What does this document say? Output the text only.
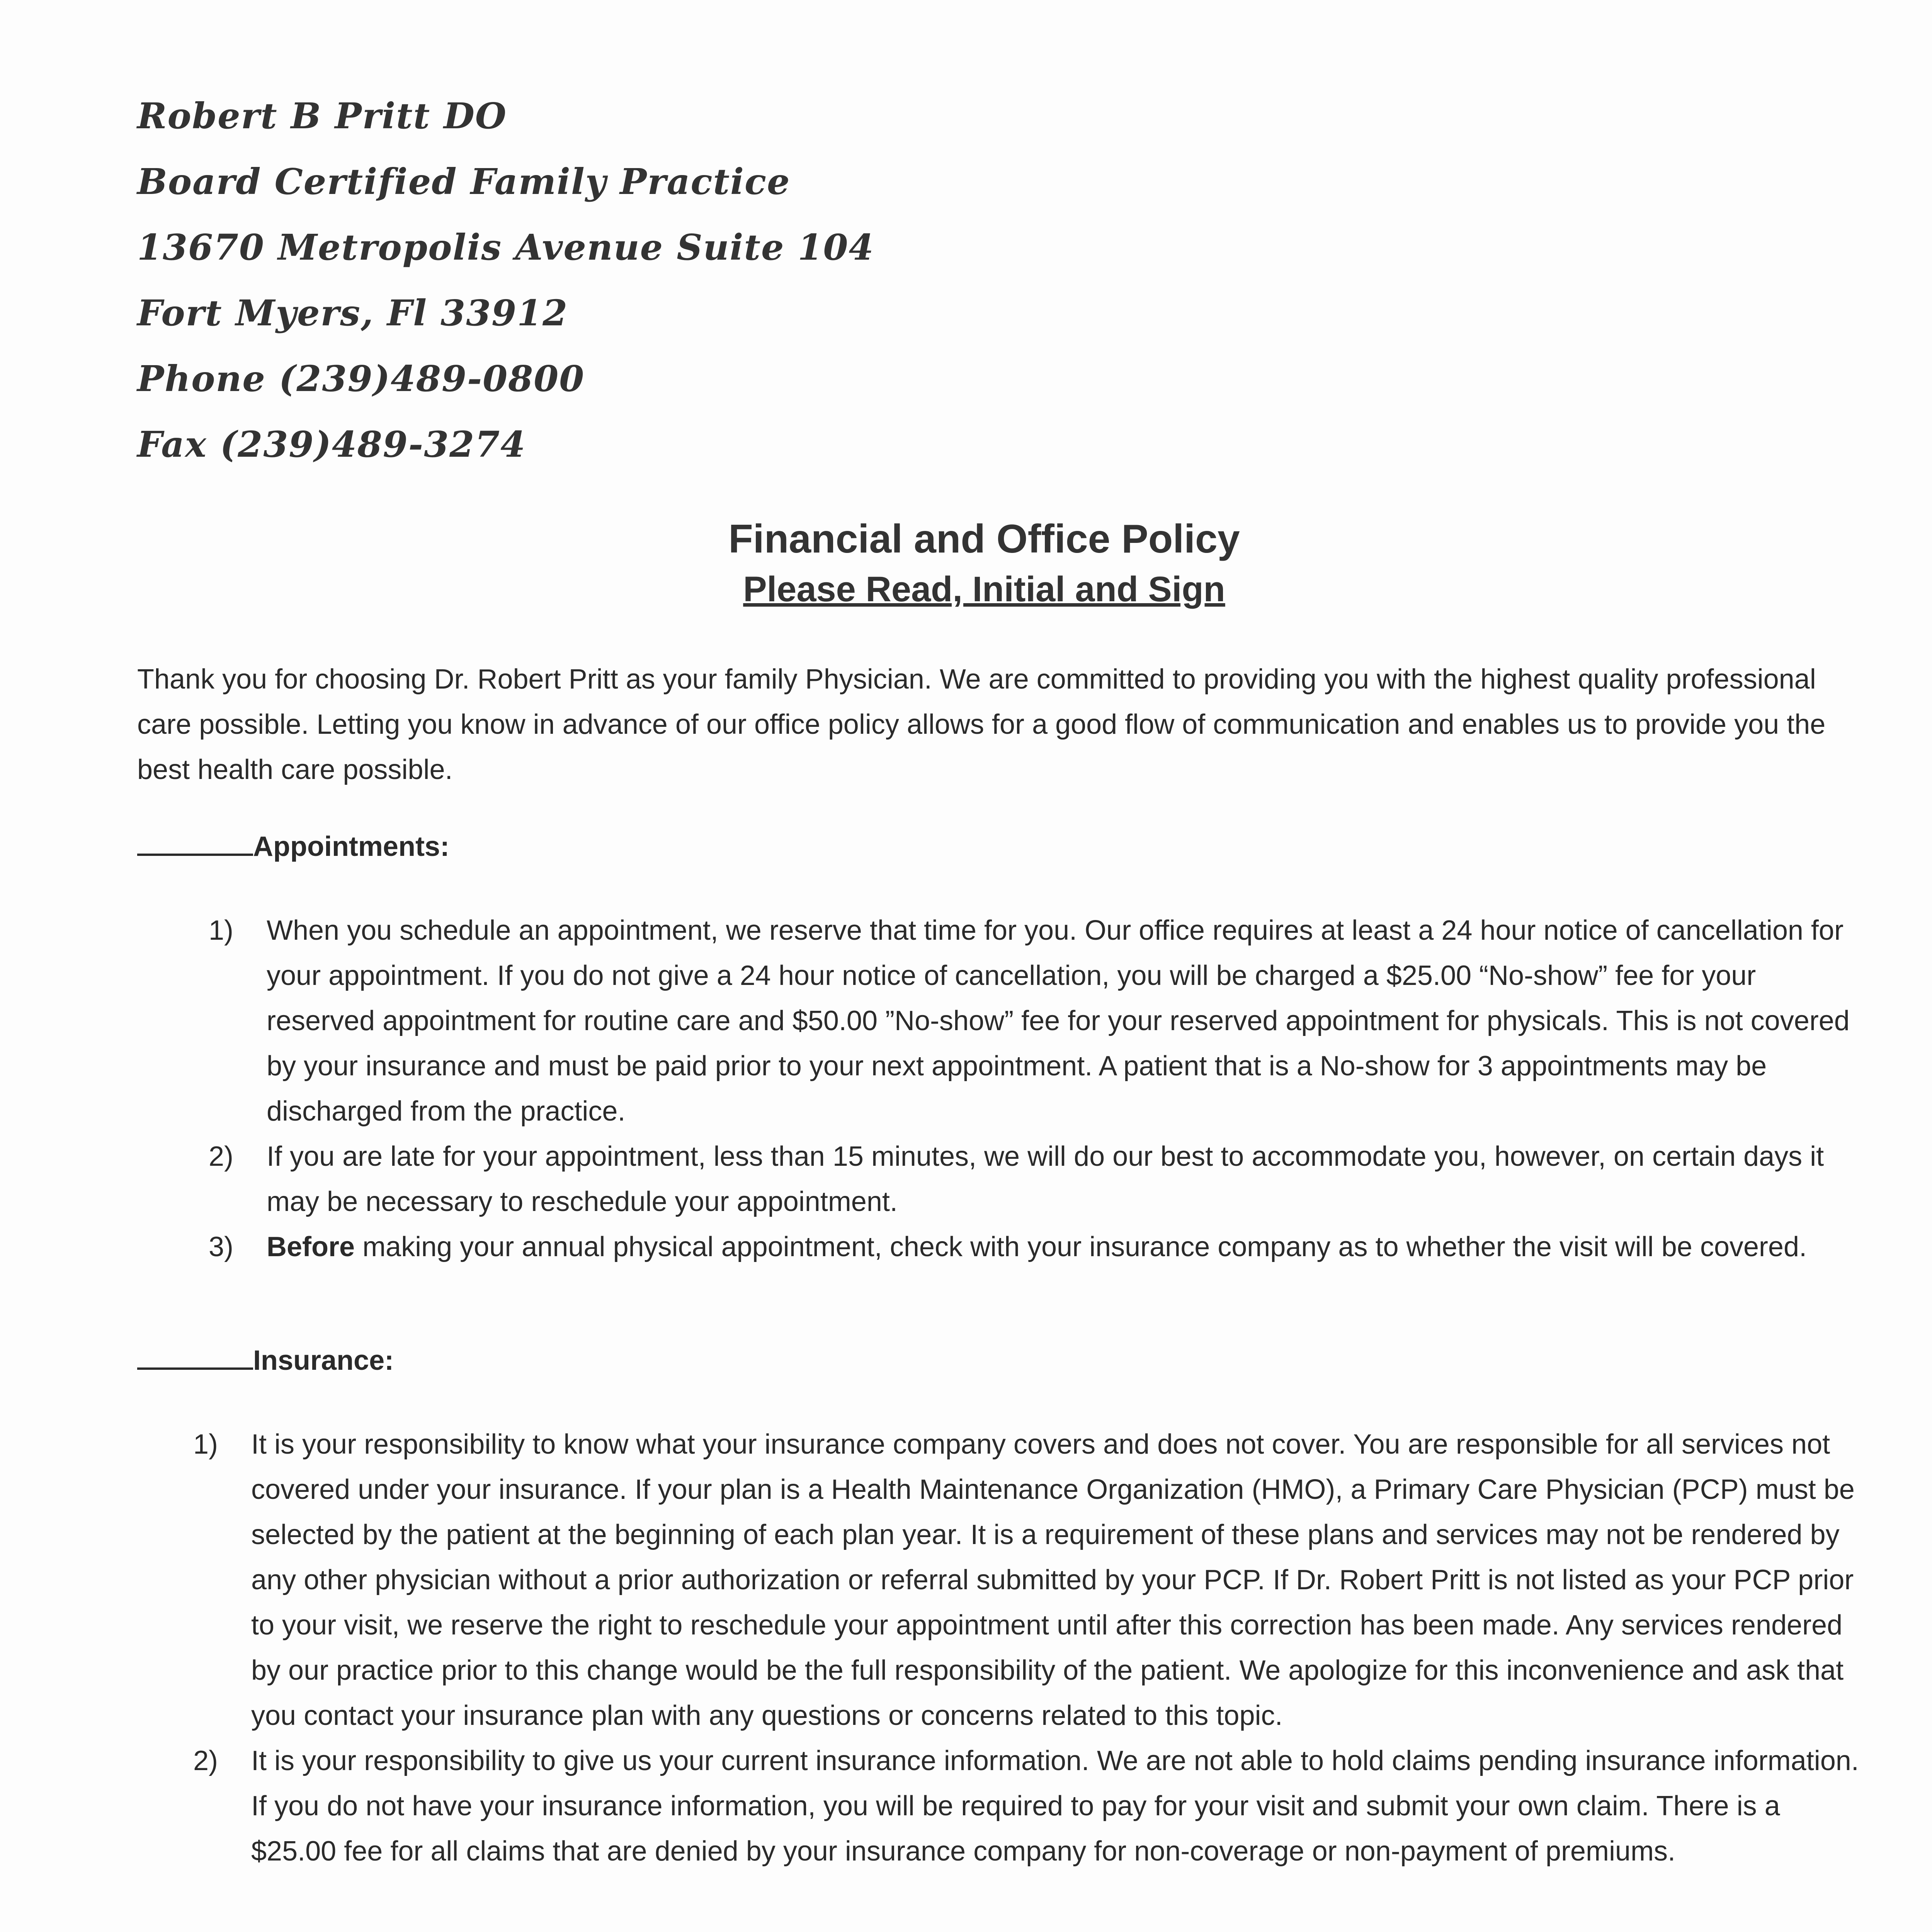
Robert B Pritt DO
Board Certified Family Practice
13670 Metropolis Avenue Suite 104
Fort Myers, Fl 33912
Phone (239)489-0800
Fax (239)489-3274
Financial and Office Policy
Please Read, Initial and Sign
Thank you for choosing Dr. Robert Pritt as your family Physician. We are committed to providing you with the highest quality professional care possible. Letting you know in advance of our office policy allows for a good flow of communication and enables us to provide you the best health care possible.
Appointments:
1) When you schedule an appointment, we reserve that time for you. Our office requires at least a 24 hour notice of cancellation for your appointment. If you do not give a 24 hour notice of cancellation, you will be charged a $25.00 “No-show” fee for your reserved appointment for routine care and $50.00 ”No-show” fee for your reserved appointment for physicals. This is not covered by your insurance and must be paid prior to your next appointment. A patient that is a No-show for 3 appointments may be discharged from the practice.
2) If you are late for your appointment, less than 15 minutes, we will do our best to accommodate you, however, on certain days it may be necessary to reschedule your appointment.
3) Before making your annual physical appointment, check with your insurance company as to whether the visit will be covered.
Insurance:
1) It is your responsibility to know what your insurance company covers and does not cover. You are responsible for all services not covered under your insurance. If your plan is a Health Maintenance Organization (HMO), a Primary Care Physician (PCP) must be selected by the patient at the beginning of each plan year. It is a requirement of these plans and services may not be rendered by any other physician without a prior authorization or referral submitted by your PCP. If Dr. Robert Pritt is not listed as your PCP prior to your visit, we reserve the right to reschedule your appointment until after this correction has been made. Any services rendered by our practice prior to this change would be the full responsibility of the patient. We apologize for this inconvenience and ask that you contact your insurance plan with any questions or concerns related to this topic.
2) It is your responsibility to give us your current insurance information. We are not able to hold claims pending insurance information. If you do not have your insurance information, you will be required to pay for your visit and submit your own claim. There is a $25.00 fee for all claims that are denied by your insurance company for non-coverage or non-payment of premiums.
